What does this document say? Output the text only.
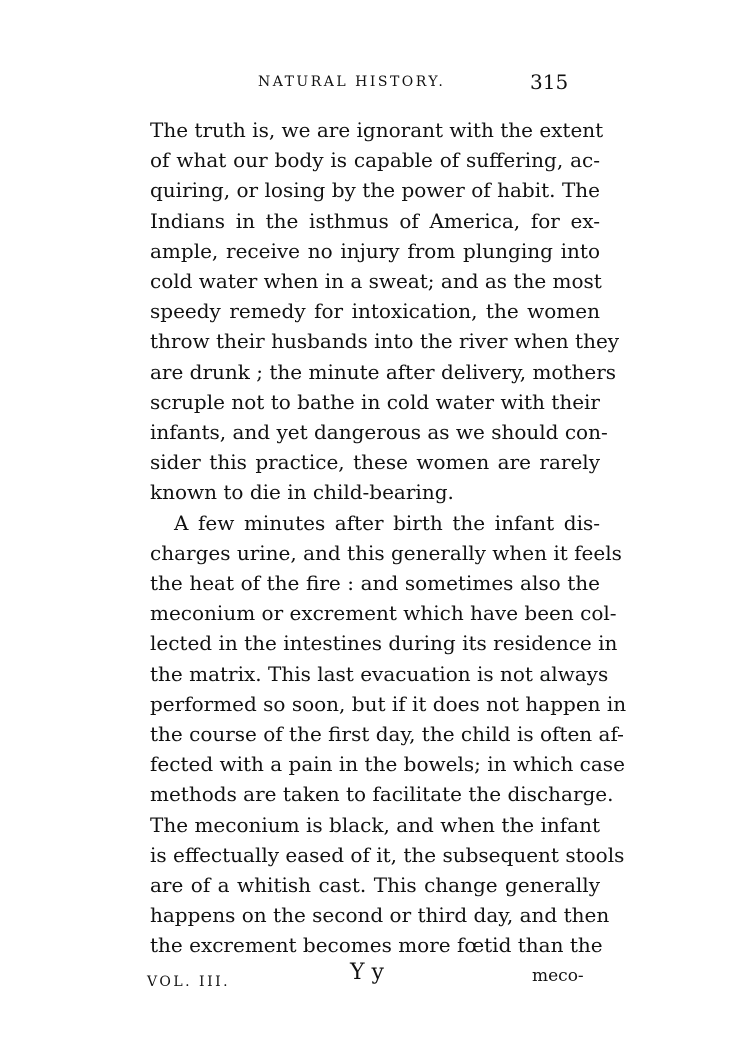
NATURAL HISTORY.	315
The truth is, we are ignorant with the extent
of what our body is capable of suffering, ac-
quiring, or losing by the power of habit. The
Indians in the isthmus of America, for ex-
ample, receive no injury from plunging into
cold water when in a sweat; and as the most
speedy remedy for intoxication, the women
throw their husbands into the river when they
are drunk ; the minute after delivery, mothers
scruple not to bathe in cold water with their
infants, and yet dangerous as we should con-
sider this practice, these women are rarely
known to die in child-bearing.
A few minutes after birth the infant dis-
charges urine, and this generally when it feels
the heat of the fire : and sometimes also the
meconium or excrement which have been col-
lected in the intestines during its residence in
the matrix. This last evacuation is not always
performed so soon, but if it does not happen in
the course of the first day, the child is often af-
fected with a pain in the bowels; in which case
methods are taken to facilitate the discharge.
The meconium is black, and when the infant
is effectually eased of it, the subsequent stools
are of a whitish cast. This change generally
happens on the second or third day, and then
the excrement becomes more fœtid than the
VOL. III.	Y y	meco-
